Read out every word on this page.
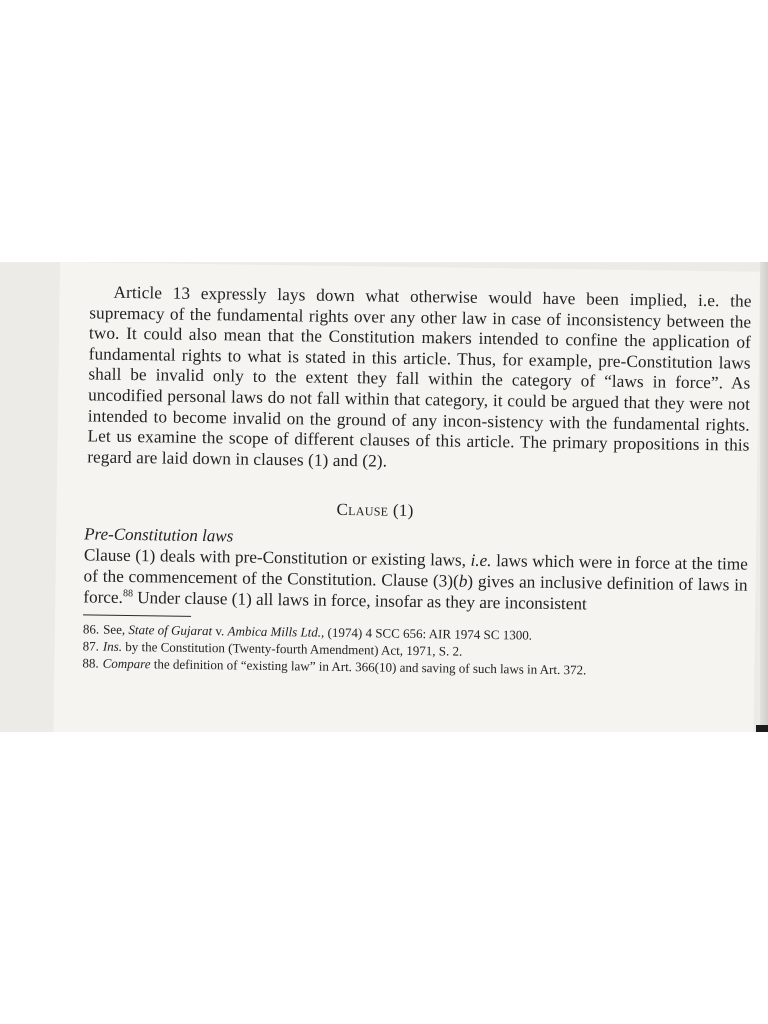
Article 13 expressly lays down what otherwise would have been implied, i.e. the supremacy of the fundamental rights over any other law in case of inconsistency between the two. It could also mean that the Constitution makers intended to confine the application of fundamental rights to what is stated in this article. Thus, for example, pre-Constitution laws shall be invalid only to the extent they fall within the category of “laws in force”. As uncodified personal laws do not fall within that category, it could be argued that they were not intended to become invalid on the ground of any incon-sistency with the fundamental rights. Let us examine the scope of different clauses of this article. The primary propositions in this regard are laid down in clauses (1) and (2).

Clause (1)
Pre-Constitution laws

Clause (1) deals with pre-Constitution or existing laws, i.e. laws which were in force at the time of the commencement of the Constitution. Clause (3)(b) gives an inclusive definition of laws in force.$^{88}$ Under clause (1) all laws in force, insofar as they are inconsistent

86. See, State of Gujarat v. Ambica Mills Ltd., (1974) 4 SCC 656: AIR 1974 SC 1300.
87. Ins. by the Constitution (Twenty-fourth Amendment) Act, 1971, S. 2.
88. Compare the definition of “existing law” in Art. 366(10) and saving of such laws in Art. 372.
